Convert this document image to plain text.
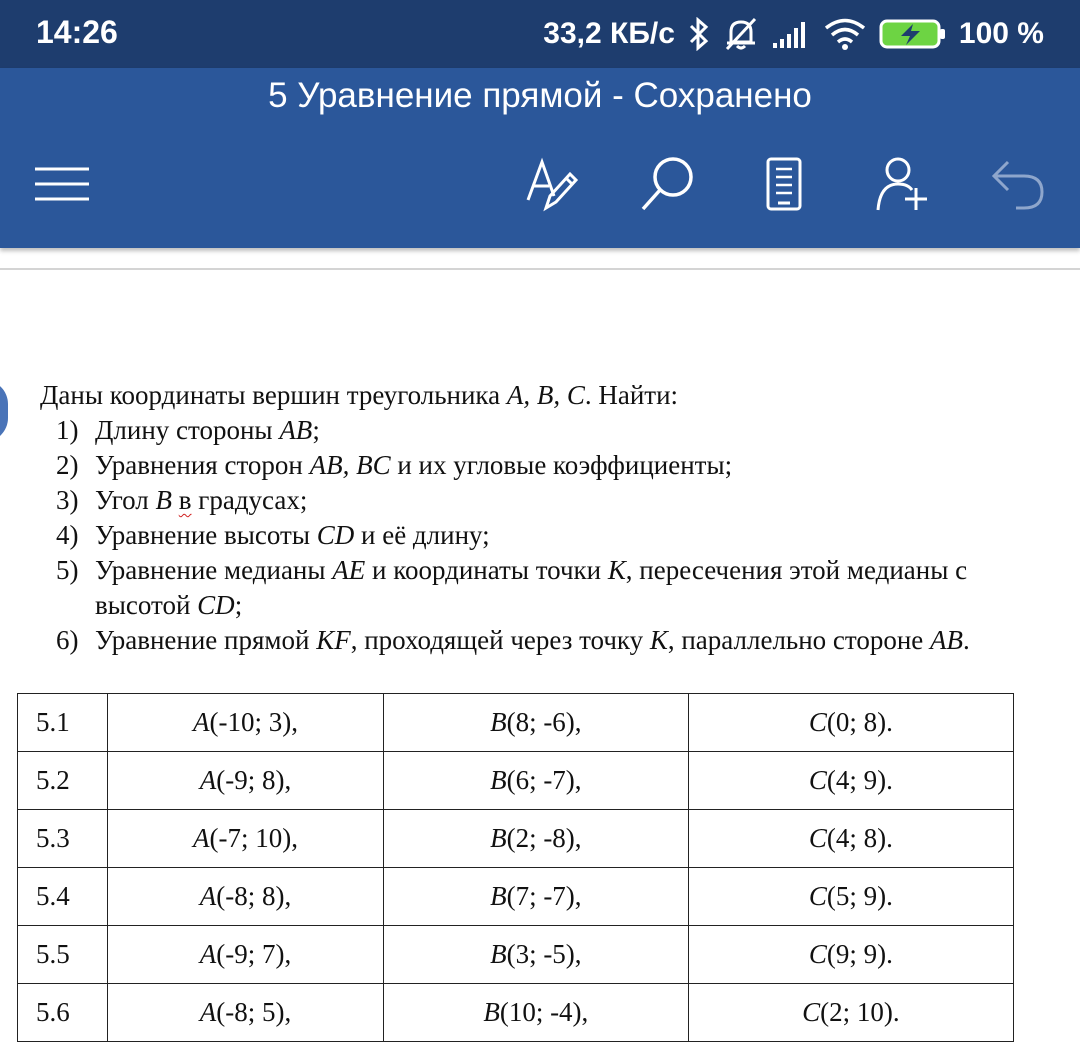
14:26	33,2 КБ/с	100 %
5 Уравнение прямой - Сохранено

Даны координаты вершин треугольника A, B, C. Найти:

1) Длину стороны AB;
2) Уравнения сторон AB, BC и их угловые коэффициенты;
3) Угол B в градусах;
4) Уравнение высоты CD и её длину;
5) Уравнение медианы AE и координаты точки К, пересечения этой медианы с высотой CD;
6) Уравнение прямой KF, проходящей через точку К, параллельно стороне AB.
5.1	A(-10; 3),	B(8; -6),	C(0; 8).
5.2	A(-9; 8),	B(6; -7),	C(4; 9).
5.3	A(-7; 10),	B(2; -8),	C(4; 8).
5.4	A(-8; 8),	B(7; -7),	C(5; 9).
5.5	A(-9; 7),	B(3; -5),	C(9; 9).
5.6	A(-8; 5),	B(10; -4),	C(2; 10).
